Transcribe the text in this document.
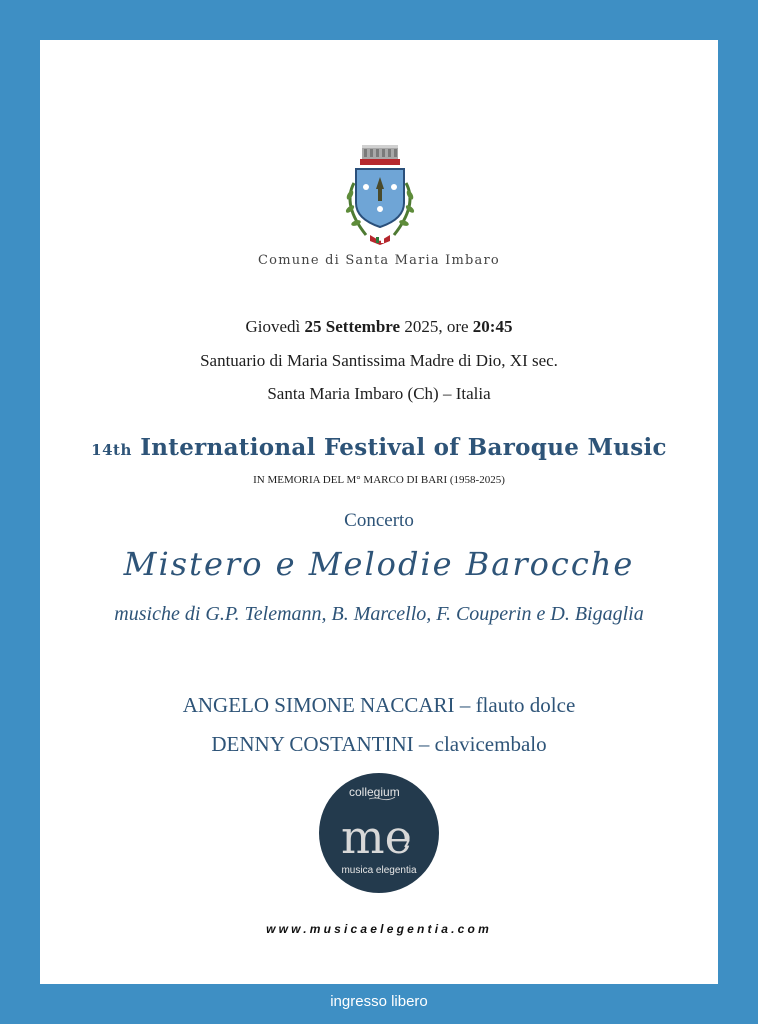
Comune di Santa Maria Imbaro
Giovedì 25 Settembre 2025, ore 20:45
Santuario di Maria Santissima Madre di Dio, XI sec.
Santa Maria Imbaro (Ch) – Italia
14th International Festival of Baroque Music
IN MEMORIA DEL M° MARCO DI BARI (1958-2025)
Concerto
Mistero e Melodie Barocche
musiche di G.P. Telemann, B. Marcello, F. Couperin e D. Bigaglia
ANGELO SIMONE NACCARI – flauto dolce
DENNY COSTANTINI – clavicembalo
collegium
me
musica elegentia
www.musicaelegentia.com
ingresso libero
